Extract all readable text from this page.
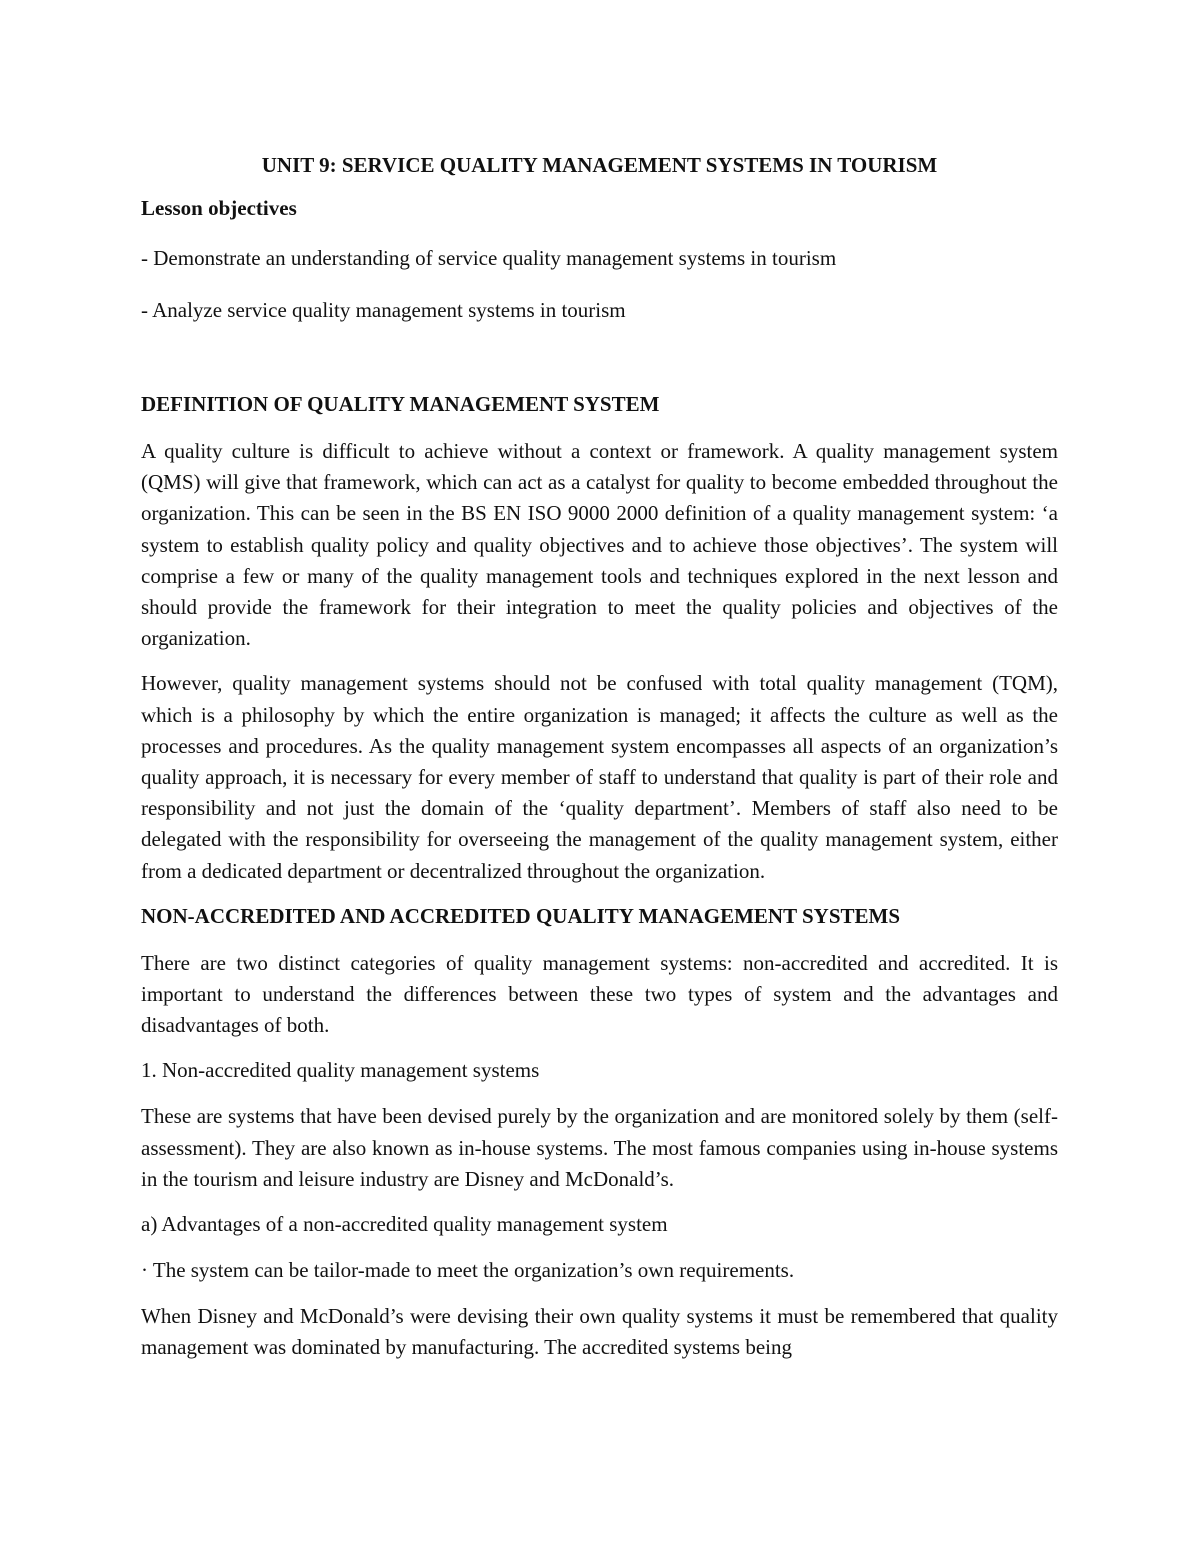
UNIT 9: SERVICE QUALITY MANAGEMENT SYSTEMS IN TOURISM
Lesson objectives
- Demonstrate an understanding of service quality management systems in tourism
- Analyze service quality management systems in tourism
DEFINITION OF QUALITY MANAGEMENT SYSTEM

A quality culture is difficult to achieve without a context or framework. A quality management system (QMS) will give that framework, which can act as a catalyst for quality to become embedded throughout the organization. This can be seen in the BS EN ISO 9000 2000 definition of a quality management system: ‘a system to establish quality policy and quality objectives and to achieve those objectives’. The system will comprise a few or many of the quality management tools and techniques explored in the next lesson and should provide the framework for their integration to meet the quality policies and objectives of the organization.

However, quality management systems should not be confused with total quality management (TQM), which is a philosophy by which the entire organization is managed; it affects the culture as well as the processes and procedures. As the quality management system encompasses all aspects of an organization’s quality approach, it is necessary for every member of staff to understand that quality is part of their role and responsibility and not just the domain of the ‘quality department’. Members of staff also need to be delegated with the responsibility for overseeing the management of the quality management system, either from a dedicated department or decentralized throughout the organization.

NON-ACCREDITED AND ACCREDITED QUALITY MANAGEMENT SYSTEMS

There are two distinct categories of quality management systems: non-accredited and accredited. It is important to understand the differences between these two types of system and the advantages and disadvantages of both.

1. Non-accredited quality management systems

These are systems that have been devised purely by the organization and are monitored solely by them (self-assessment). They are also known as in-house systems. The most famous companies using in-house systems in the tourism and leisure industry are Disney and McDonald’s.

a) Advantages of a non-accredited quality management system
· The system can be tailor-made to meet the organization’s own requirements.

When Disney and McDonald’s were devising their own quality systems it must be remembered that quality management was dominated by manufacturing. The accredited systems being
